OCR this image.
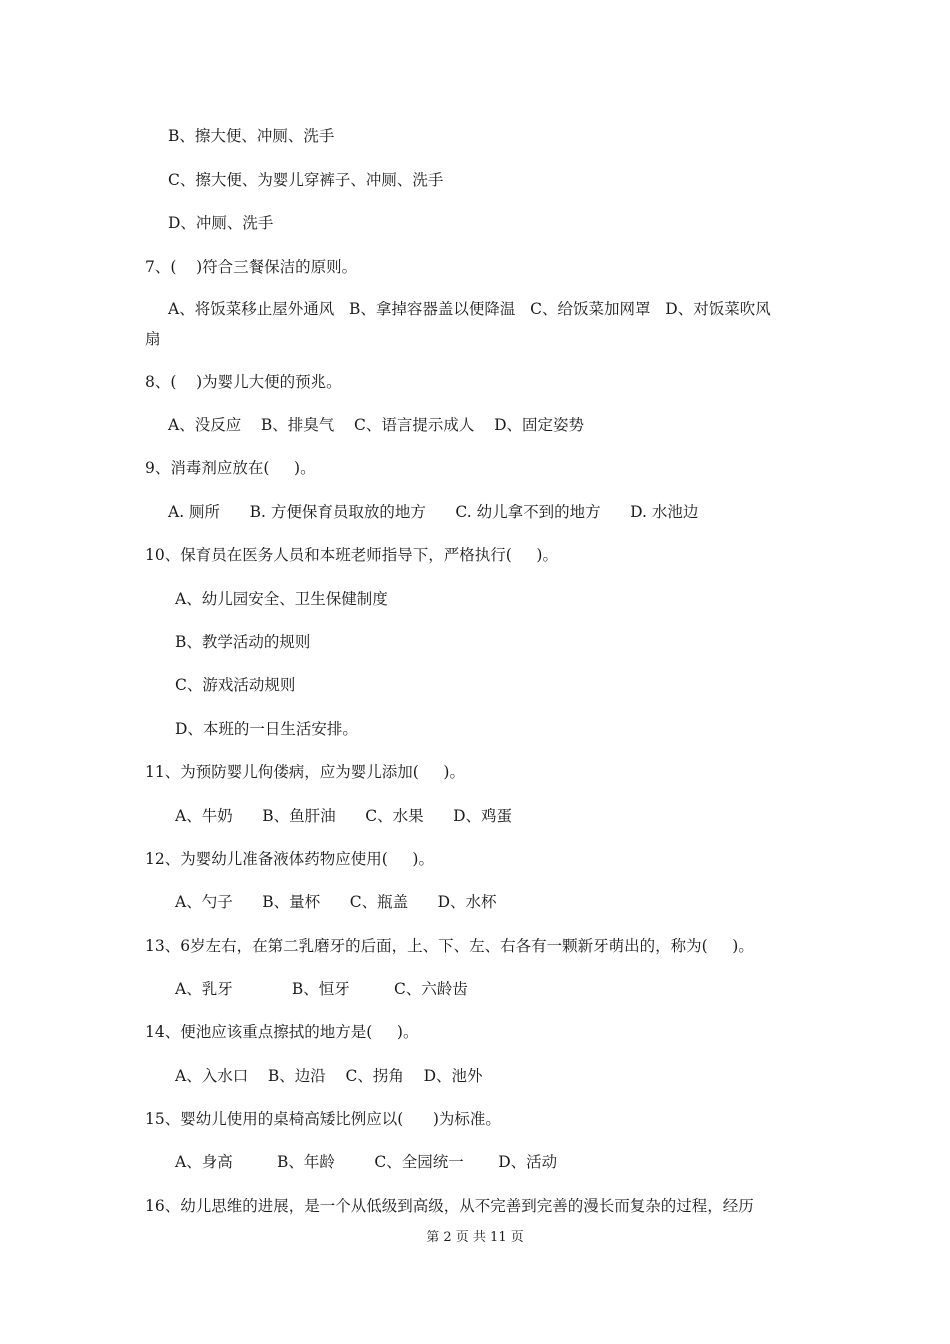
B、擦大便、冲厕、洗手
C、擦大便、为婴儿穿裤子、冲厕、洗手
D、冲厕、洗手
7、(    )符合三餐保洁的原则。
A、将饭菜移止屋外通风   B、拿掉容器盖以便降温   C、给饭菜加网罩   D、对饭菜吹风
扇
8、(    )为婴儿大便的预兆。
A、没反应    B、排臭气    C、语言提示成人    D、固定姿势
9、消毒剂应放在(     )。
A. 厕所      B. 方便保育员取放的地方      C. 幼儿拿不到的地方      D. 水池边
10、保育员在医务人员和本班老师指导下，严格执行(     )。
A、幼儿园安全、卫生保健制度
B、教学活动的规则
C、游戏活动规则
D、本班的一日生活安排。
11、为预防婴儿佝偻病，应为婴儿添加(     )。
A、牛奶      B、鱼肝油      C、水果      D、鸡蛋
12、为婴幼儿准备液体药物应使用(     )。
A、勺子      B、量杯      C、瓶盖      D、水杯
13、6岁左右，在第二乳磨牙的后面，上、下、左、右各有一颗新牙萌出的，称为(     )。
A、乳牙            B、恒牙         C、六龄齿
14、便池应该重点擦拭的地方是(     )。
A、入水口    B、边沿    C、拐角    D、池外
15、婴幼儿使用的桌椅高矮比例应以(      )为标准。
A、身高         B、年龄        C、全园统一       D、活动
16、幼儿思维的进展，是一个从低级到高级，从不完善到完善的漫长而复杂的过程，经历
第 2 页 共 11 页
